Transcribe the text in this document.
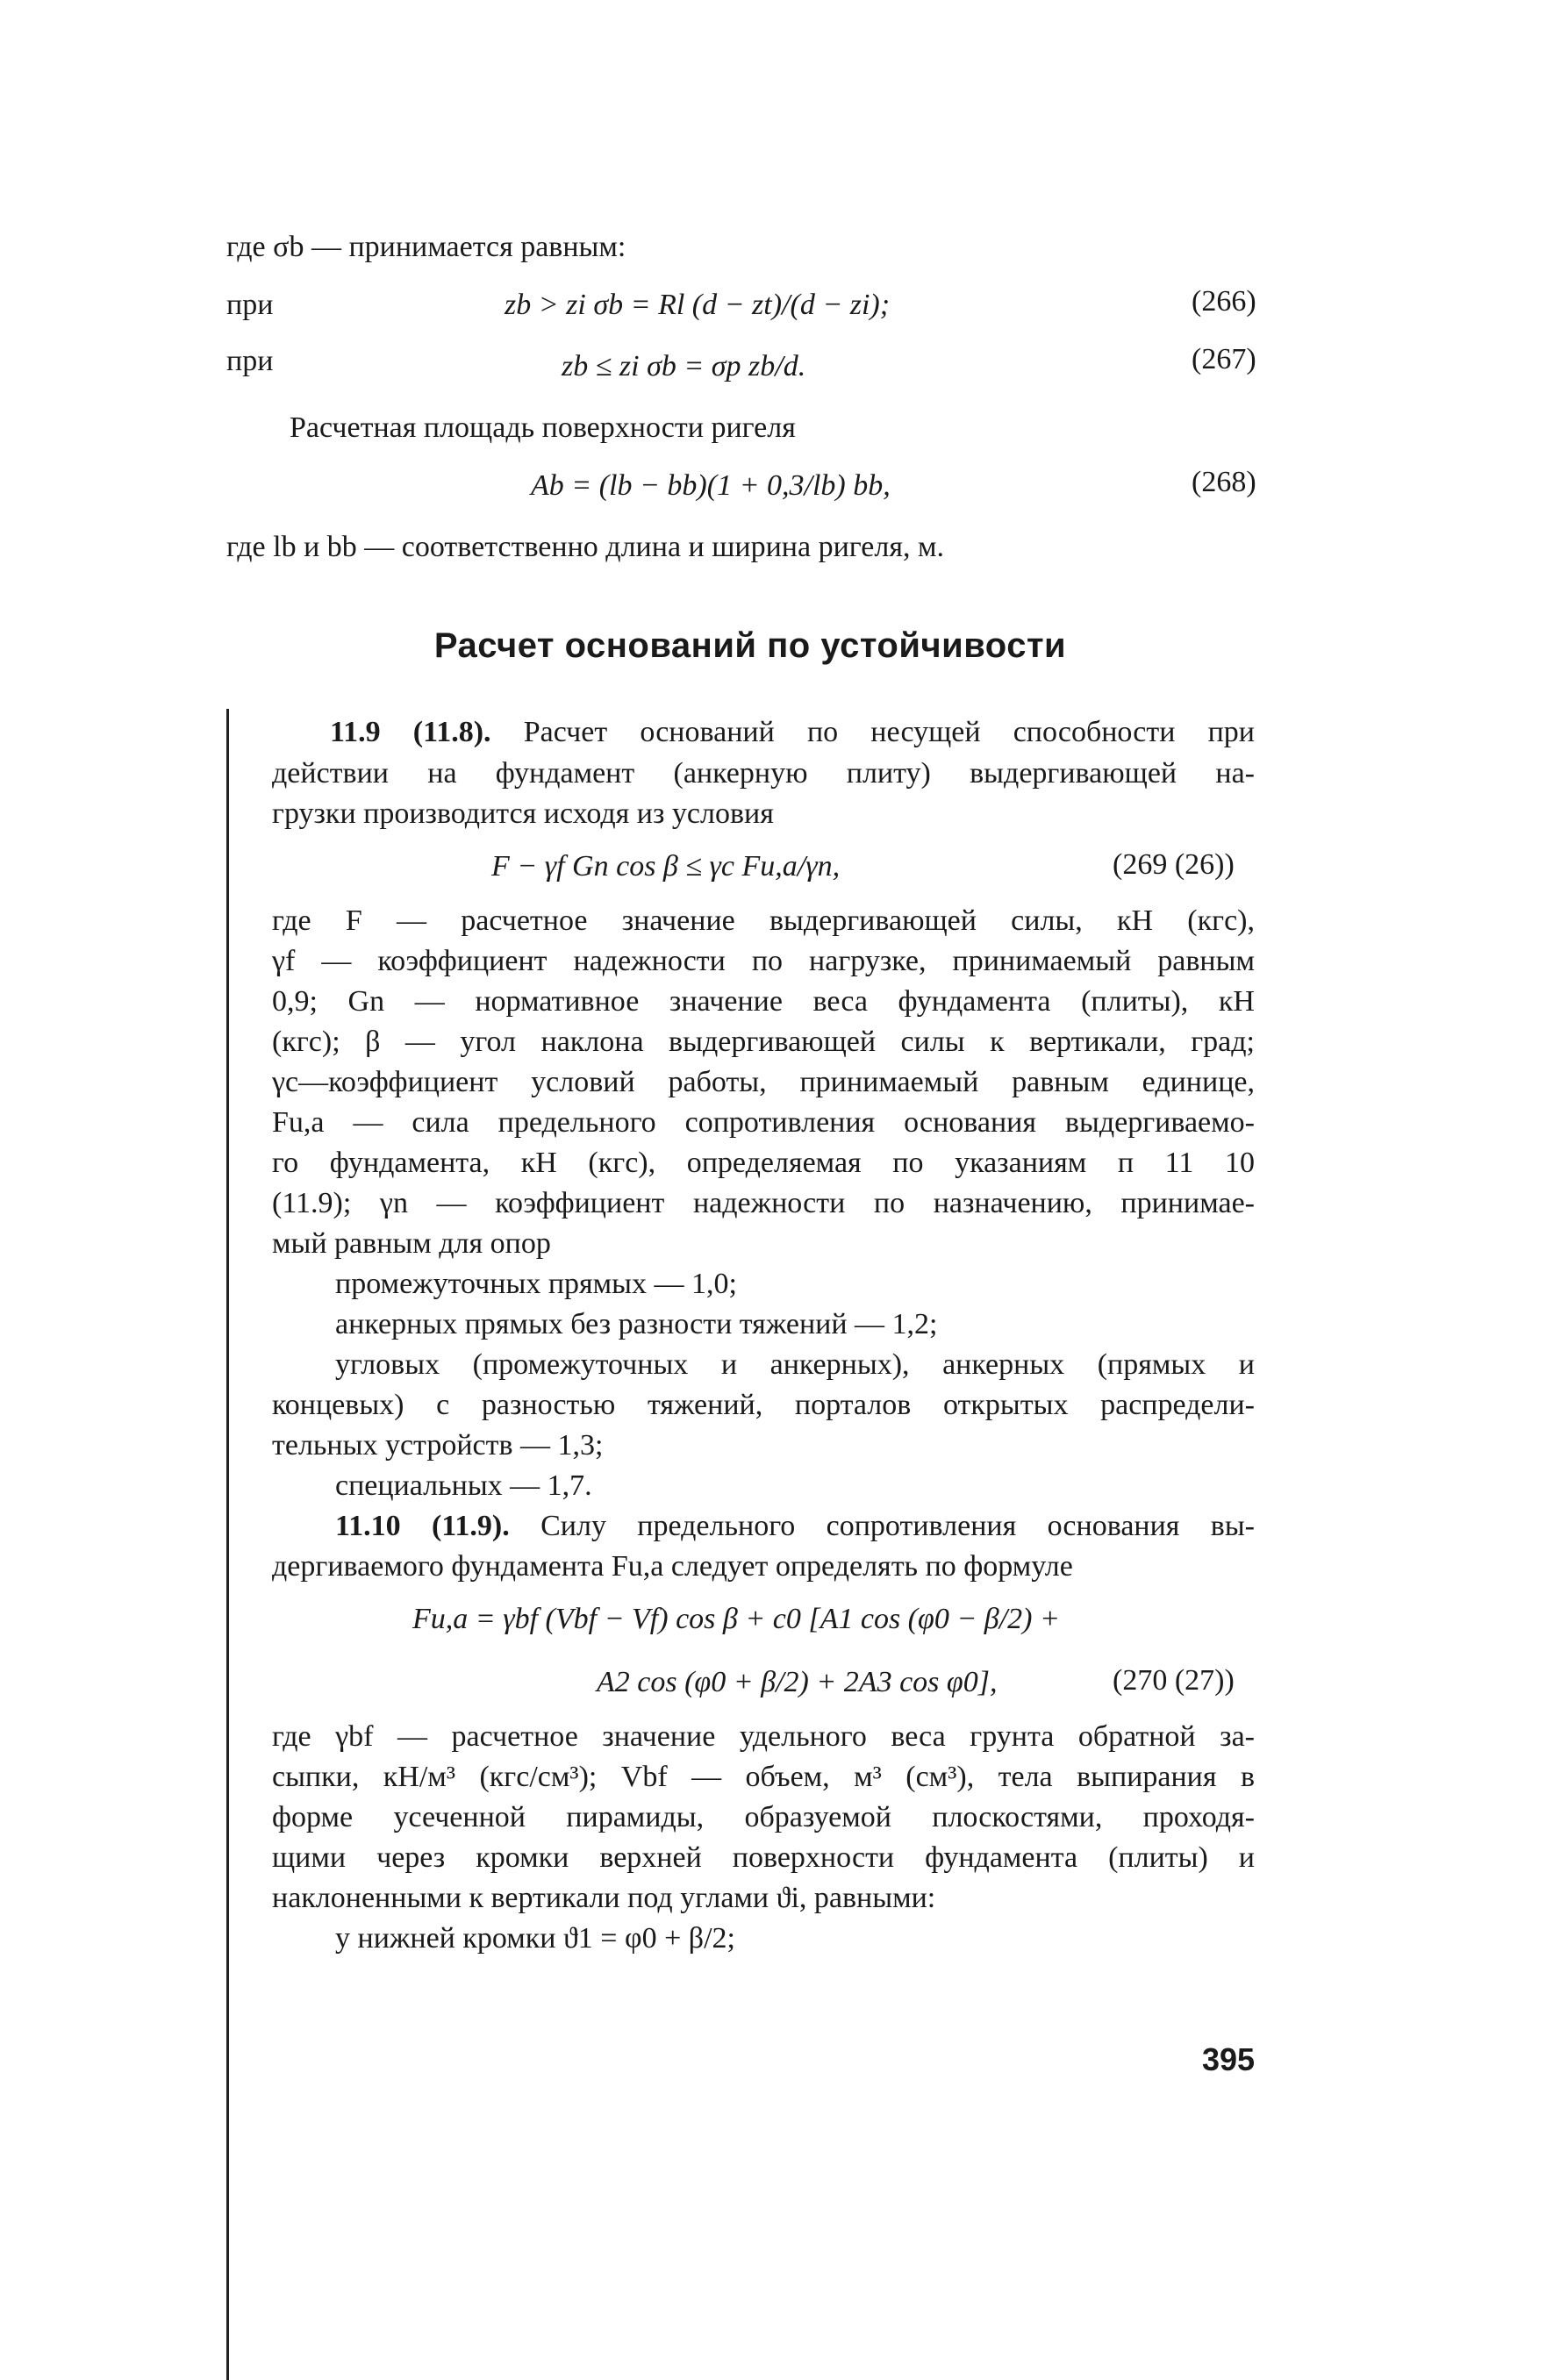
где σb — принимается равным:
при	zb > zi σb = Rl (d − zt)/(d − zi);	(266)
при	zb ≤ zi σb = σp zb/d.	(267)
Расчетная площадь поверхности ригеля
Ab = (lb − bb)(1 + 0,3/lb) bb,	(268)
где lb и bb — соответственно длина и ширина ригеля, м.
Расчет оснований по устойчивости
11.9 (11.8). Расчет оснований по несущей способности при
действии на фундамент (анкерную плиту) выдергивающей на-
грузки производится исходя из условия
F − γf Gn cos β ≤ γc Fu,a/γn,	(269 (26))
где F — расчетное значение выдергивающей силы, кН (кгс),
γf — коэффициент надежности по нагрузке, принимаемый равным
0,9; Gn — нормативное значение веса фундамента (плиты), кН
(кгс); β — угол наклона выдергивающей силы к вертикали, град;
γc—коэффициент условий работы, принимаемый равным единице,
Fu,a — сила предельного сопротивления основания выдергиваемо-
го фундамента, кН (кгс), определяемая по указаниям п 11 10
(11.9); γn — коэффициент надежности по назначению, принимае-
мый равным для опор
промежуточных прямых — 1,0;
анкерных прямых без разности тяжений — 1,2;
угловых (промежуточных и анкерных), анкерных (прямых и
концевых) с разностью тяжений, порталов открытых распредели-
тельных устройств — 1,3;
специальных — 1,7.
11.10 (11.9). Силу предельного сопротивления основания вы-
дергиваемого фундамента Fu,a следует определять по формуле
Fu,a = γbf (Vbf − Vf) cos β + c0 [A1 cos (φ0 − β/2) +
A2 cos (φ0 + β/2) + 2A3 cos φ0],	(270 (27))
где γbf — расчетное значение удельного веса грунта обратной за-
сыпки, кН/м³ (кгс/см³); Vbf — объем, м³ (см³), тела выпирания в
форме усеченной пирамиды, образуемой плоскостями, проходя-
щими через кромки верхней поверхности фундамента (плиты) и
наклоненными к вертикали под углами ϑi, равными:
у нижней кромки ϑ1 = φ0 + β/2;
395
